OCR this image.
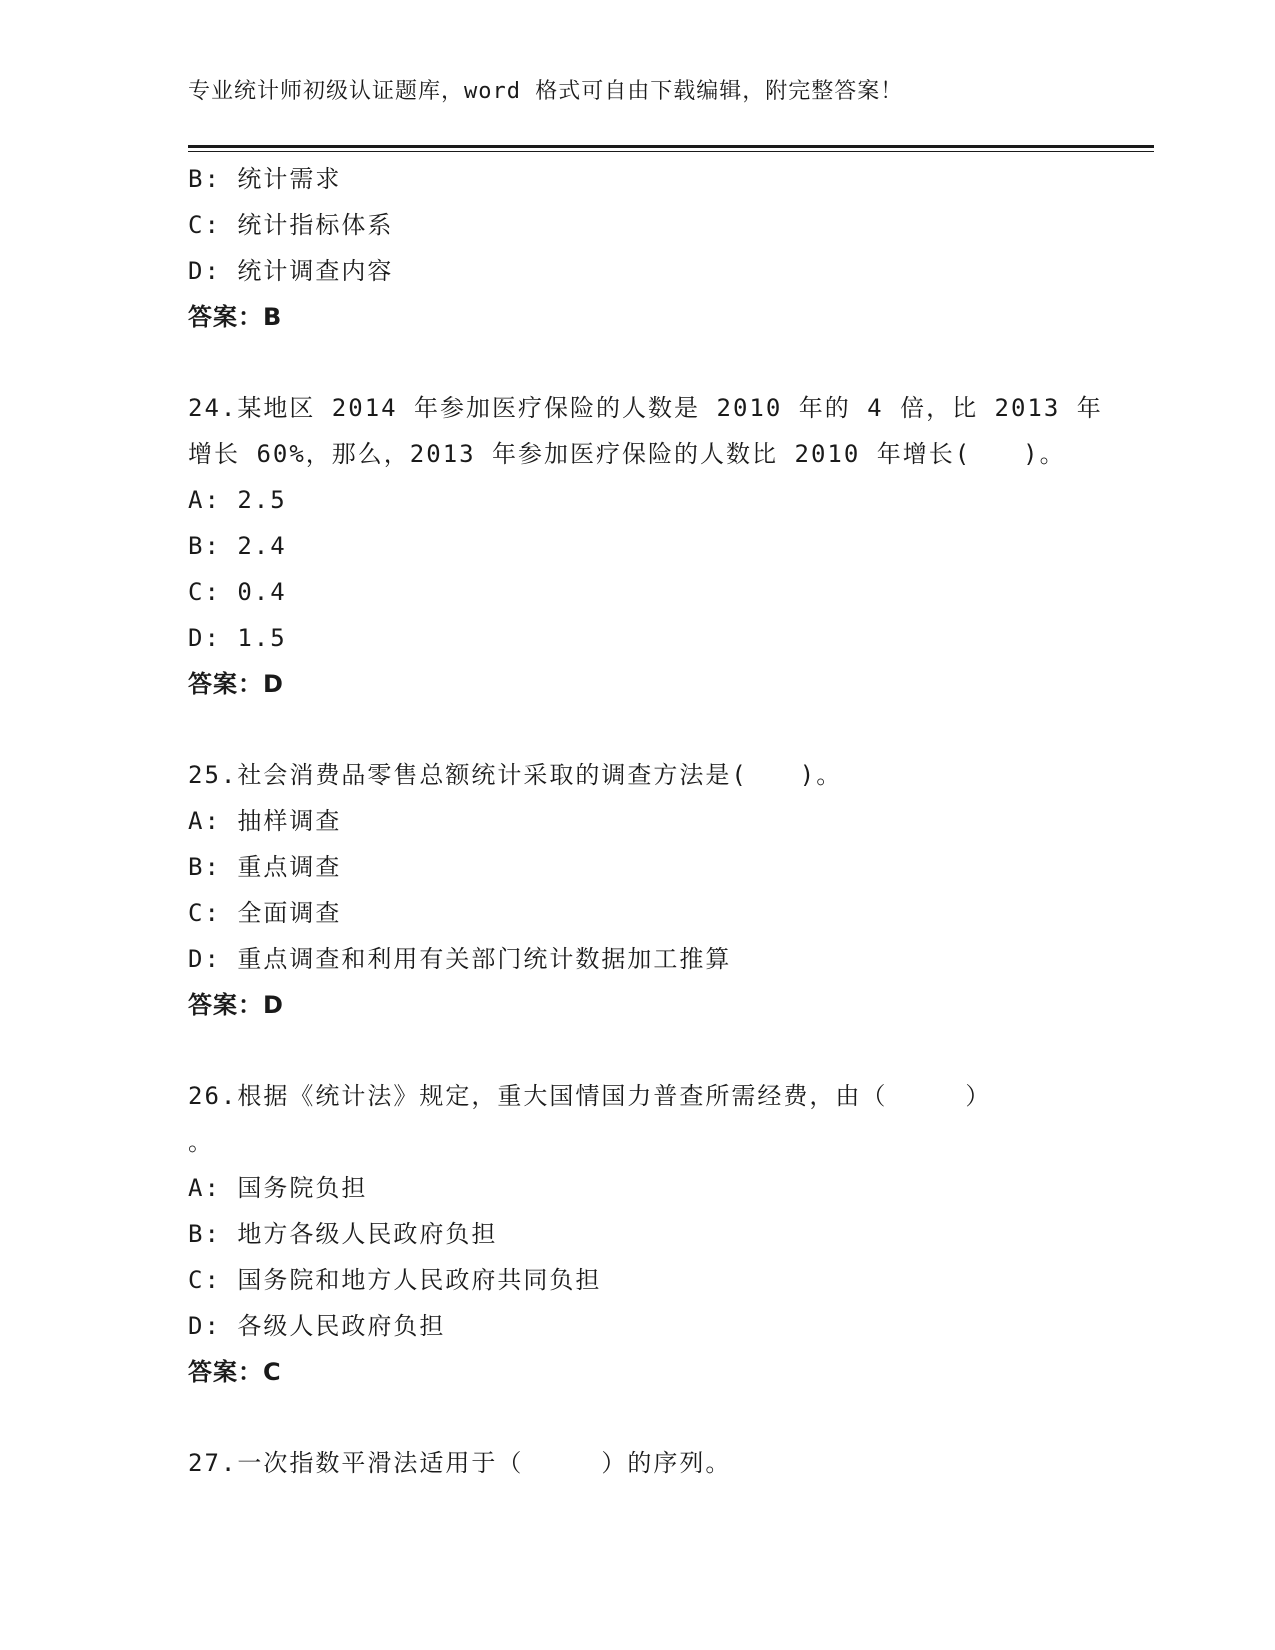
专业统计师初级认证题库，word 格式可自由下载编辑，附完整答案！
B: 统计需求
C: 统计指标体系
D: 统计调查内容
答案：B
24.某地区 2014 年参加医疗保险的人数是 2010 年的 4 倍，比 2013 年
增长 60%，那么，2013 年参加医疗保险的人数比 2010 年增长(　　)。
A: 2.5
B: 2.4
C: 0.4
D: 1.5
答案：D
25.社会消费品零售总额统计采取的调查方法是(　　)。
A: 抽样调查
B: 重点调查
C: 全面调查
D: 重点调查和利用有关部门统计数据加工推算
答案：D
26.根据《统计法》规定，重大国情国力普查所需经费，由（　　　）
。
A: 国务院负担
B: 地方各级人民政府负担
C: 国务院和地方人民政府共同负担
D: 各级人民政府负担
答案：C
27.一次指数平滑法适用于（　　　）的序列。
